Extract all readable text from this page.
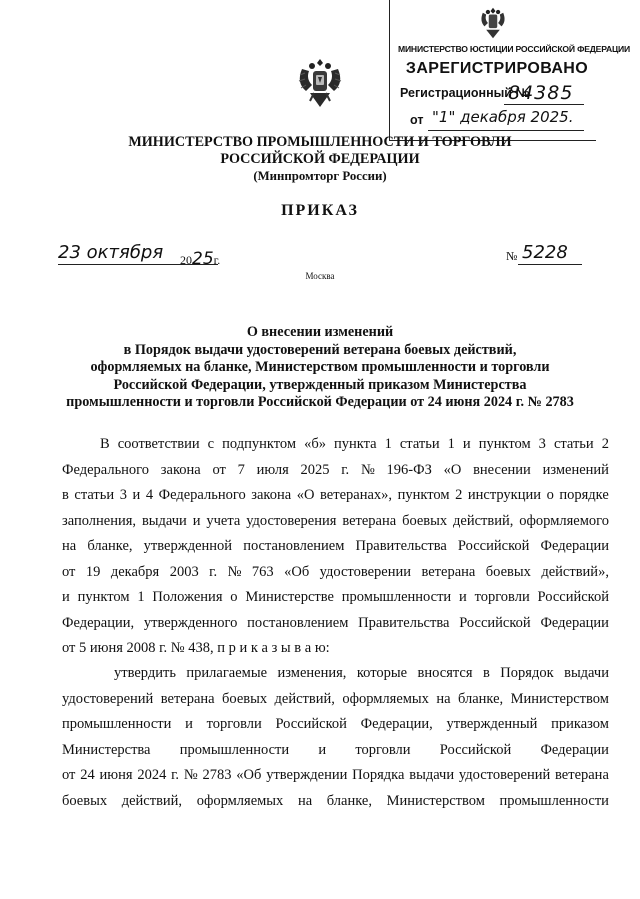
МИНИСТЕРСТВО ЮСТИЦИИ РОССИЙСКОЙ ФЕДЕРАЦИИ
ЗАРЕГИСТРИРОВАНО
Регистрационный №
84385
от "1" декабря 2025.
МИНИСТЕРСТВО ПРОМЫШЛЕННОСТИ И ТОРГОВЛИ
РОССИЙСКОЙ ФЕДЕРАЦИИ
(Минпромторг России)
ПРИКАЗ
23 октября 2025г.	№ 5228
Москва
О внесении изменений
в Порядок выдачи удостоверений ветерана боевых действий,
оформляемых на бланке, Министерством промышленности и торговли
Российской Федерации, утвержденный приказом Министерства
промышленности и торговли Российской Федерации от 24 июня 2024 г. № 2783
В соответствии с подпунктом «б» пункта 1 статьи 1 и пунктом 3 статьи 2
Федерального закона от 7 июля 2025 г. № 196-ФЗ «О внесении изменений
в статьи 3 и 4 Федерального закона «О ветеранах», пунктом 2 инструкции о порядке
заполнения, выдачи и учета удостоверения ветерана боевых действий, оформляемого
на бланке, утвержденной постановлением Правительства Российской Федерации
от 19 декабря 2003 г. № 763 «Об удостоверении ветерана боевых действий»,
и пунктом 1 Положения о Министерстве промышленности и торговли Российской
Федерации, утвержденного постановлением Правительства Российской Федерации
от 5 июня 2008 г. № 438, п р и к а з ы в а ю:
утвердить прилагаемые изменения, которые вносятся в Порядок выдачи
удостоверений ветерана боевых действий, оформляемых на бланке, Министерством
промышленности и торговли Российской Федерации, утвержденный приказом
Министерства промышленности и торговли Российской Федерации
от 24 июня 2024 г. № 2783 «Об утверждении Порядка выдачи удостоверений ветерана
боевых действий, оформляемых на бланке, Министерством промышленности
